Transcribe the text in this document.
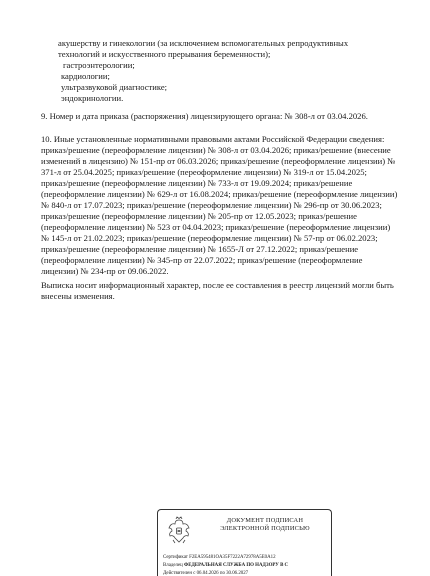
акушерству и гинекологии (за исключением вспомогательных репродуктивных
технологий и искусственного прерывания беременности);
гастроэнтерологии;
кардиологии;
ультразвуковой диагностике;
эндокринологии.
9. Номер и дата приказа (распоряжения) лицензирующего органа: № 308-л от 03.04.2026.
10. Иные установленные нормативными правовыми актами Российской Федерации сведения:
приказ/решение (переоформление лицензии) № 308-л от 03.04.2026; приказ/решение (внесение
изменений в лицензию) № 151-пр от 06.03.2026; приказ/решение (переоформление лицензии) №
371-л от 25.04.2025; приказ/решение (переоформление лицензии) № 319-л от 15.04.2025;
приказ/решение (переоформление лицензии) № 733-л от 19.09.2024; приказ/решение
(переоформление лицензии) № 629-л от 16.08.2024; приказ/решение (переоформление лицензии)
№ 840-л от 17.07.2023; приказ/решение (переоформление лицензии) № 296-пр от 30.06.2023;
приказ/решение (переоформление лицензии) № 205-пр от 12.05.2023; приказ/решение
(переоформление лицензии) № 523 от 04.04.2023; приказ/решение (переоформление лицензии)
№ 145-л от 21.02.2023; приказ/решение (переоформление лицензии) № 57-пр от 06.02.2023;
приказ/решение (переоформление лицензии) № 1655-Л от 27.12.2022; приказ/решение
(переоформление лицензии) № 345-пр от 22.07.2022; приказ/решение (переоформление
лицензии) № 234-пр от 09.06.2022.
Выписка носит информационный характер, после ее составления в реестр лицензий могли быть
внесены изменения.
ДОКУМЕНТ ПОДПИСАН
ЭЛЕКТРОННОЙ ПОДПИСЬЮ
Сертификат F2EA595481OA35F7222A72978A5E0A12
Владелец ФЕДЕРАЛЬНАЯ СЛУЖБА ПО НАДЗОРУ В С
Действителен с 06.04.2026 по 30.06.2027
